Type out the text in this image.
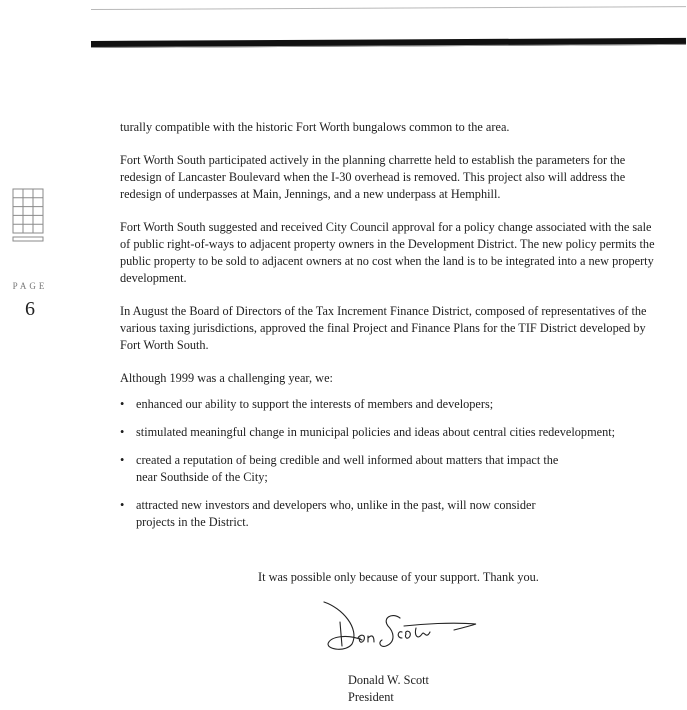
PAGE
6

turally compatible with the historic Fort Worth bungalows common to the area.

Fort Worth South participated actively in the planning charrette held to establish the parameters for the redesign of Lancaster Boulevard when the I-30 overhead is removed. This project also will address the redesign of underpasses at Main, Jennings, and a new underpass at Hemphill.

Fort Worth South suggested and received City Council approval for a policy change associated with the sale of public right-of-ways to adjacent property owners in the Development District. The new policy permits the public property to be sold to adjacent owners at no cost when the land is to be integrated into a new property development.

In August the Board of Directors of the Tax Increment Finance District, composed of representatives of the various taxing jurisdictions, approved the final Project and Finance Plans for the TIF District developed by Fort Worth South.

Although 1999 was a challenging year, we:

• enhanced our ability to support the interests of members and developers;
• stimulated meaningful change in municipal policies and ideas about central cities redevelopment;
• created a reputation of being credible and well informed about matters that impact the near Southside of the City;
• attracted new investors and developers who, unlike in the past, will now consider projects in the District.
It was possible only because of your support. Thank you.
Donald W. Scott
President
